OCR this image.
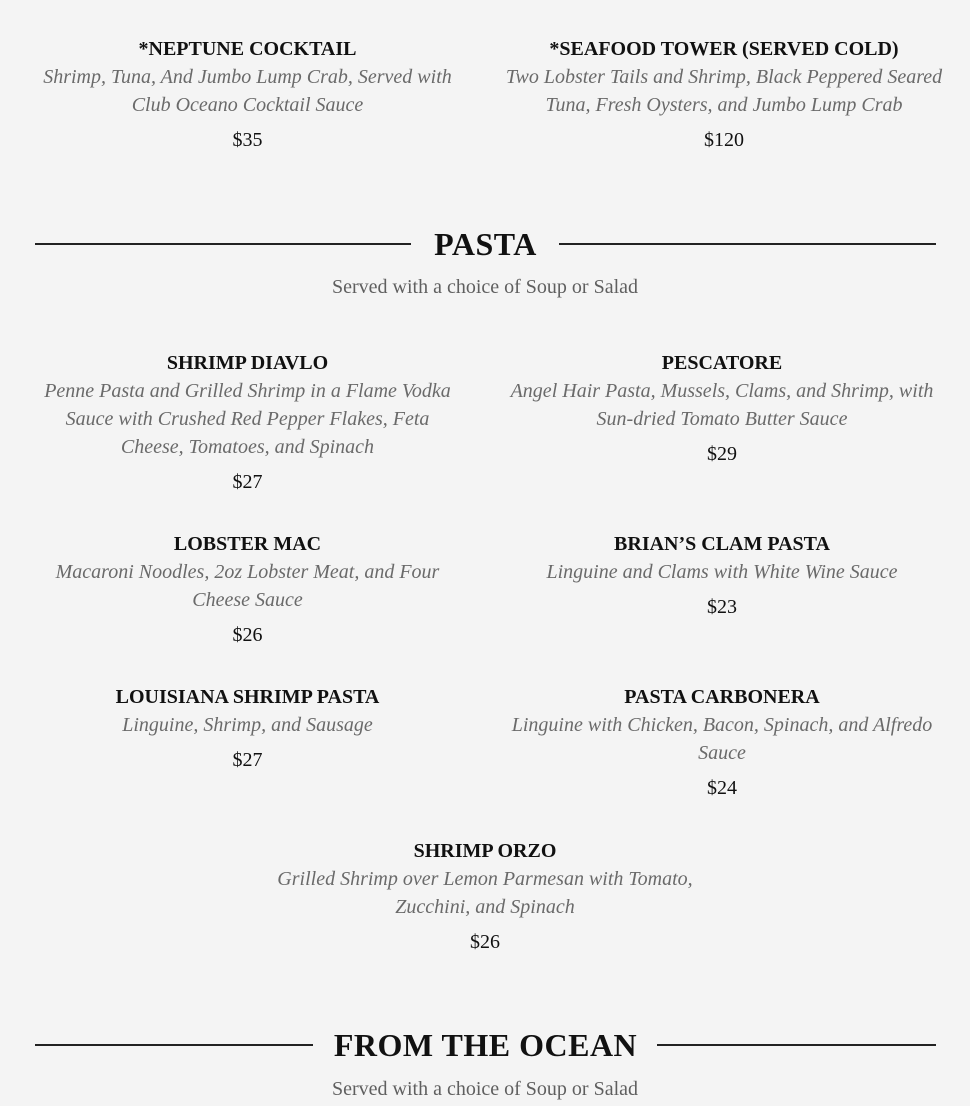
*NEPTUNE COCKTAIL
Shrimp, Tuna, And Jumbo Lump Crab, Served with Club Oceano Cocktail Sauce
$35
*SEAFOOD TOWER (SERVED COLD)
Two Lobster Tails and Shrimp, Black Peppered Seared Tuna, Fresh Oysters, and Jumbo Lump Crab
$120
PASTA
Served with a choice of Soup or Salad
SHRIMP DIAVLO
Penne Pasta and Grilled Shrimp in a Flame Vodka Sauce with Crushed Red Pepper Flakes, Feta Cheese, Tomatoes, and Spinach
$27
PESCATORE
Angel Hair Pasta, Mussels, Clams, and Shrimp, with Sun-dried Tomato Butter Sauce
$29
LOBSTER MAC
Macaroni Noodles, 2oz Lobster Meat, and Four Cheese Sauce
$26
BRIAN’S CLAM PASTA
Linguine and Clams with White Wine Sauce
$23
LOUISIANA SHRIMP PASTA
Linguine, Shrimp, and Sausage
$27
PASTA CARBONERA
Linguine with Chicken, Bacon, Spinach, and Alfredo Sauce
$24
SHRIMP ORZO
Grilled Shrimp over Lemon Parmesan with Tomato, Zucchini, and Spinach
$26
FROM THE OCEAN
Served with a choice of Soup or Salad
